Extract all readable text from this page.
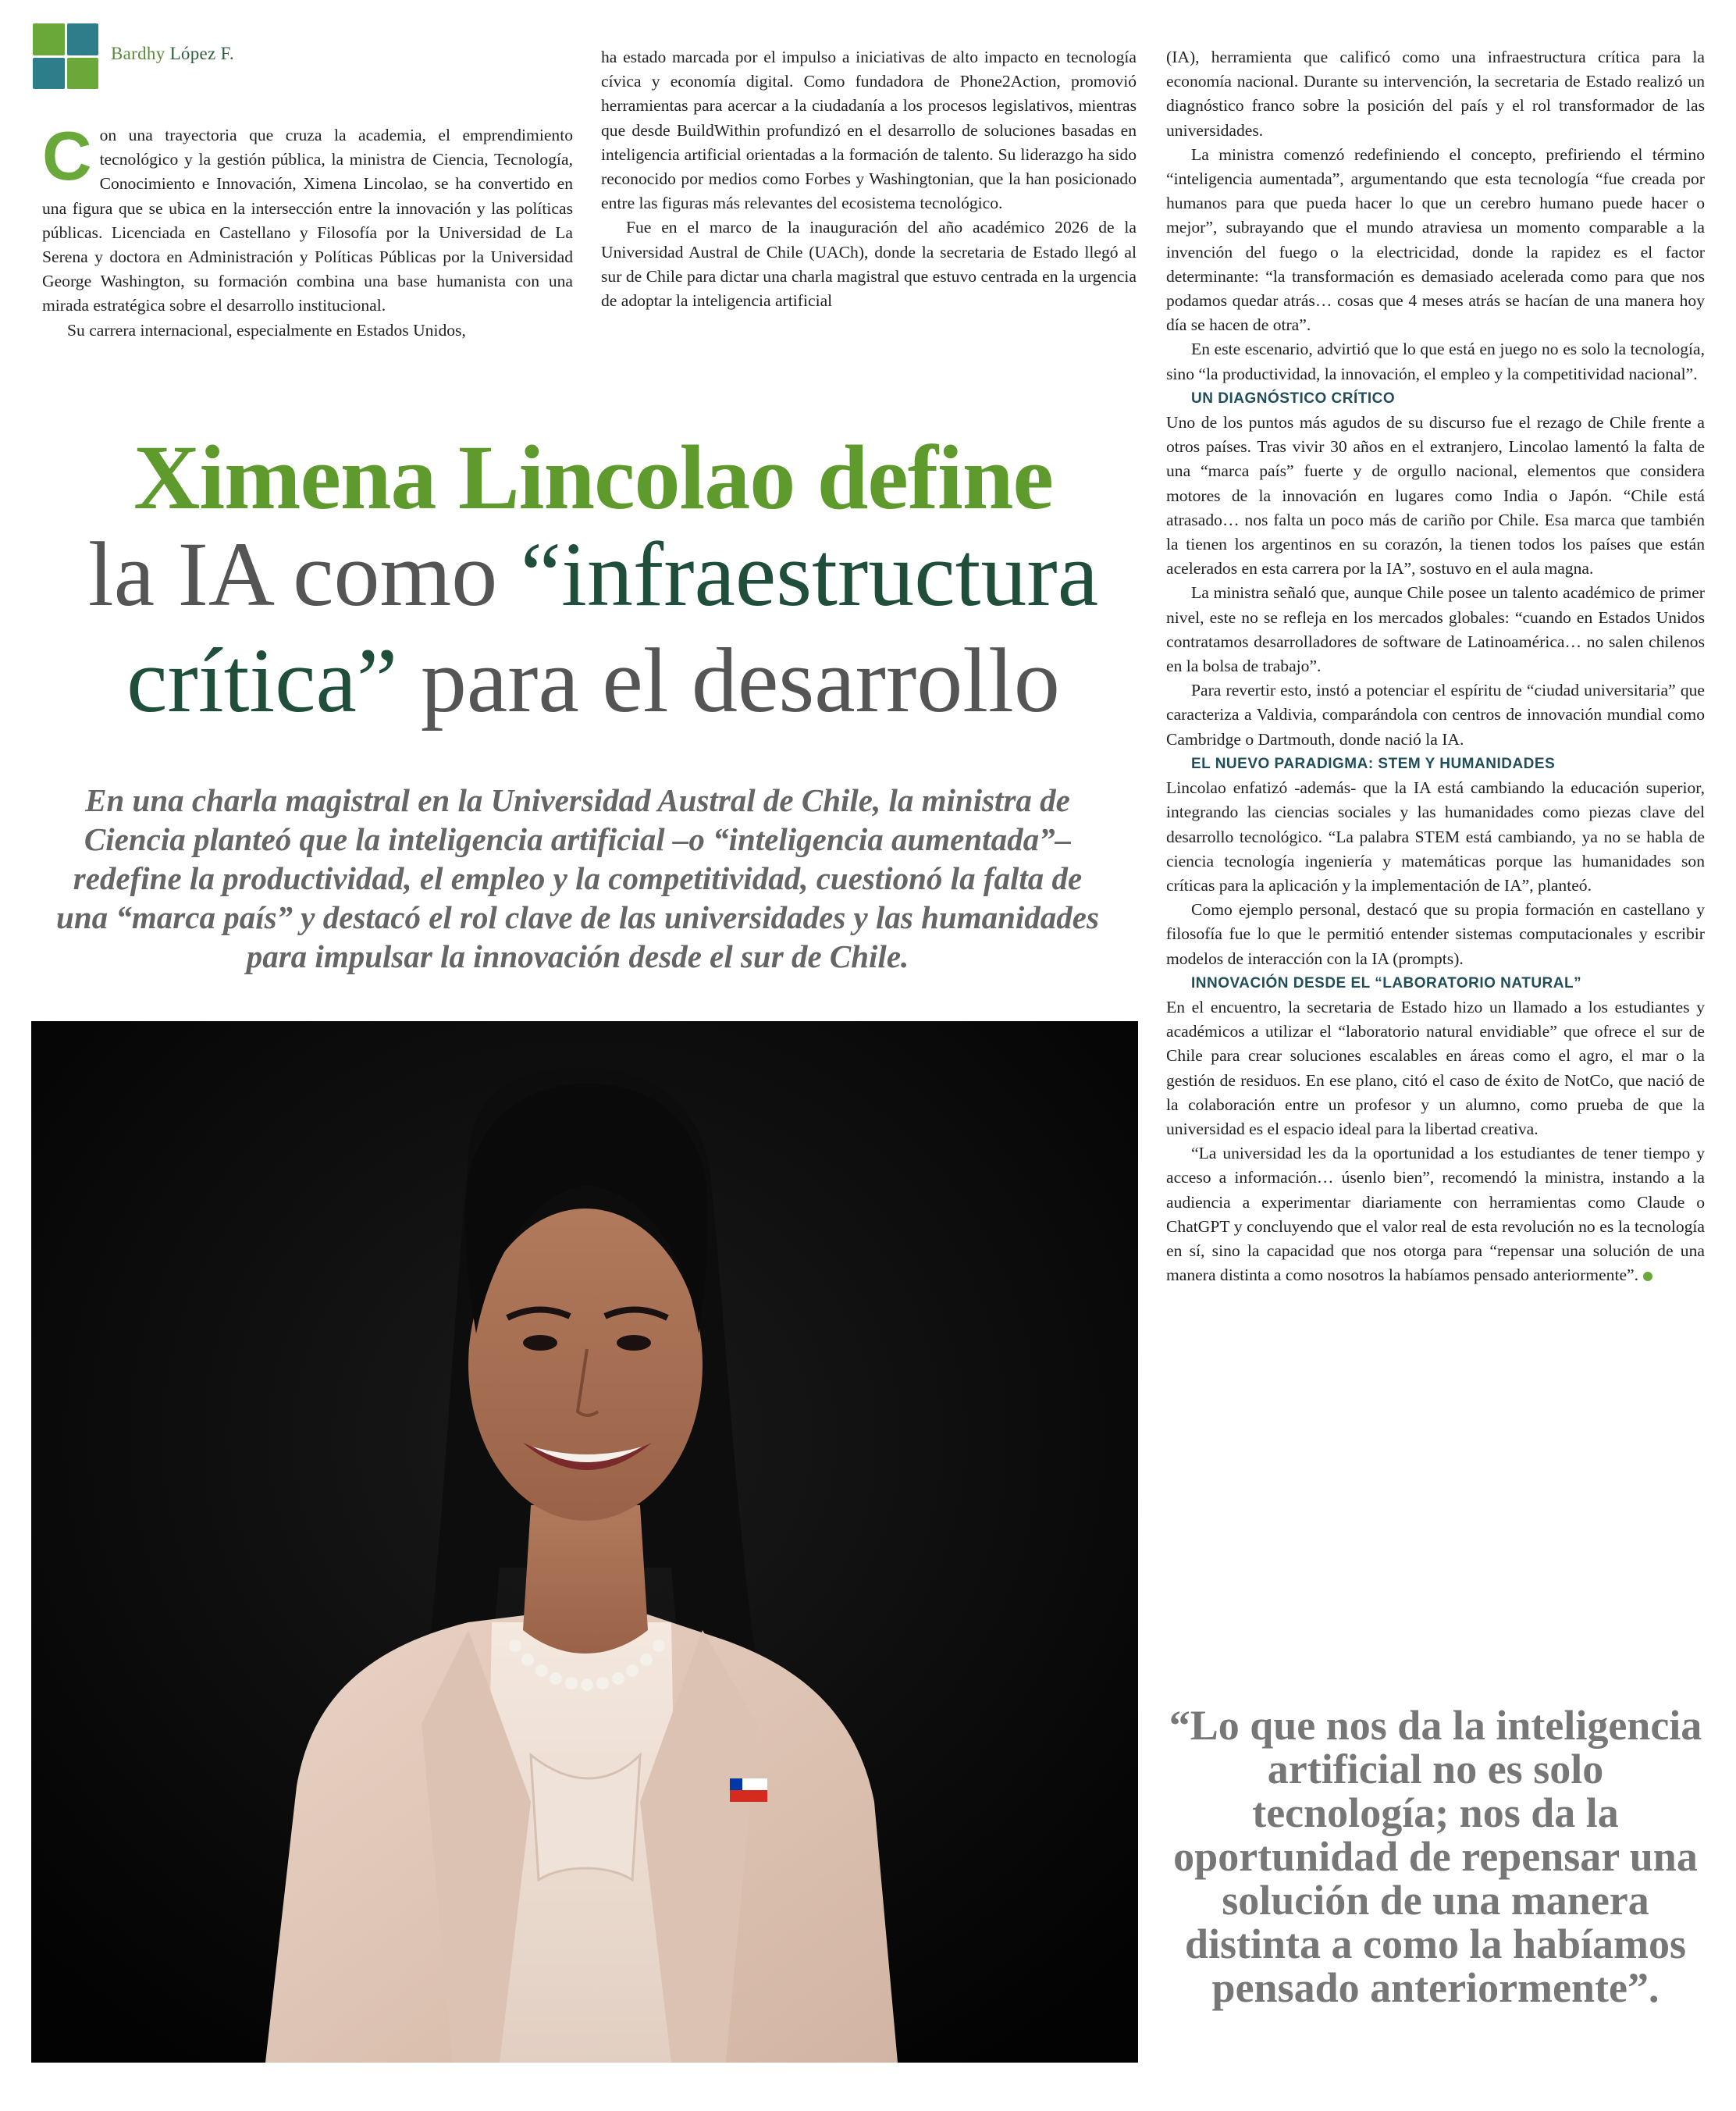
Bardhy López F.

Con una trayectoria que cruza la academia, el emprendimiento tecnológico y la gestión pública, la ministra de Ciencia, Tecnología, Conocimiento e Innovación, Ximena Lincolao, se ha convertido en una figura que se ubica en la intersección entre la innovación y las políticas públicas. Licenciada en Castellano y Filosofía por la Universidad de La Serena y doctora en Administración y Políticas Públicas por la Universidad George Washington, su formación combina una base humanista con una mirada estratégica sobre el desarrollo institucional.

Su carrera internacional, especialmente en Estados Unidos,

ha estado marcada por el impulso a iniciativas de alto impacto en tecnología cívica y economía digital. Como fundadora de Phone2Action, promovió herramientas para acercar a la ciudadanía a los procesos legislativos, mientras que desde BuildWithin profundizó en el desarrollo de soluciones basadas en inteligencia artificial orientadas a la formación de talento. Su liderazgo ha sido reconocido por medios como Forbes y Washingtonian, que la han posicionado entre las figuras más relevantes del ecosistema tecnológico.

Fue en el marco de la inauguración del año académico 2026 de la Universidad Austral de Chile (UACh), donde la secretaria de Estado llegó al sur de Chile para dictar una charla magistral que estuvo centrada en la urgencia de adoptar la inteligencia artificial

(IA), herramienta que calificó como una infraestructura crítica para la economía nacional. Durante su intervención, la secretaria de Estado realizó un diagnóstico franco sobre la posición del país y el rol transformador de las universidades.

La ministra comenzó redefiniendo el concepto, prefiriendo el término “inteligencia aumentada”, argumentando que esta tecnología “fue creada por humanos para que pueda hacer lo que un cerebro humano puede hacer o mejor”, subrayando que el mundo atraviesa un momento comparable a la invención del fuego o la electricidad, donde la rapidez es el factor determinante: “la transformación es demasiado acelerada como para que nos podamos quedar atrás… cosas que 4 meses atrás se hacían de una manera hoy día se hacen de otra”.

En este escenario, advirtió que lo que está en juego no es solo la tecnología, sino “la productividad, la innovación, el empleo y la competitividad nacional”.

UN DIAGNÓSTICO CRÍTICO

Uno de los puntos más agudos de su discurso fue el rezago de Chile frente a otros países. Tras vivir 30 años en el extranjero, Lincolao lamentó la falta de una “marca país” fuerte y de orgullo nacional, elementos que considera motores de la innovación en lugares como India o Japón. “Chile está atrasado… nos falta un poco más de cariño por Chile. Esa marca que también la tienen los argentinos en su corazón, la tienen todos los países que están acelerados en esta carrera por la IA”, sostuvo en el aula magna.

La ministra señaló que, aunque Chile posee un talento académico de primer nivel, este no se refleja en los mercados globales: “cuando en Estados Unidos contratamos desarrolladores de software de Latinoamérica… no salen chilenos en la bolsa de trabajo”.

Para revertir esto, instó a potenciar el espíritu de “ciudad universitaria” que caracteriza a Valdivia, comparándola con centros de innovación mundial como Cambridge o Dartmouth, donde nació la IA.

EL NUEVO PARADIGMA: STEM Y HUMANIDADES

Lincolao enfatizó -además- que la IA está cambiando la educación superior, integrando las ciencias sociales y las humanidades como piezas clave del desarrollo tecnológico. “La palabra STEM está cambiando, ya no se habla de ciencia tecnología ingeniería y matemáticas porque las humanidades son críticas para la aplicación y la implementación de IA”, planteó.

Como ejemplo personal, destacó que su propia formación en castellano y filosofía fue lo que le permitió entender sistemas computacionales y escribir modelos de interacción con la IA (prompts).

INNOVACIÓN DESDE EL “LABORATORIO NATURAL”

En el encuentro, la secretaria de Estado hizo un llamado a los estudiantes y académicos a utilizar el “laboratorio natural envidiable” que ofrece el sur de Chile para crear soluciones escalables en áreas como el agro, el mar o la gestión de residuos. En ese plano, citó el caso de éxito de NotCo, que nació de la colaboración entre un profesor y un alumno, como prueba de que la universidad es el espacio ideal para la libertad creativa.

“La universidad les da la oportunidad a los estudiantes de tener tiempo y acceso a información… úsenlo bien”, recomendó la ministra, instando a la audiencia a experimentar diariamente con herramientas como Claude o ChatGPT y concluyendo que el valor real de esta revolución no es la tecnología en sí, sino la capacidad que nos otorga para “repensar una solución de una manera distinta a como nosotros la habíamos pensado anteriormente”.

Ximena Lincolao define
la IA como “infraestructura
crítica” para el desarrollo
En una charla magistral en la Universidad Austral de Chile, la ministra de Ciencia planteó que la inteligencia artificial –o “inteligencia aumentada”– redefine la productividad, el empleo y la competitividad, cuestionó la falta de una “marca país” y destacó el rol clave de las universidades y las humanidades para impulsar la innovación desde el sur de Chile.
“Lo que nos da la inteligencia artificial no es solo tecnología; nos da la oportunidad de repensar una solución de una manera distinta a como la habíamos pensado anteriormente”.
